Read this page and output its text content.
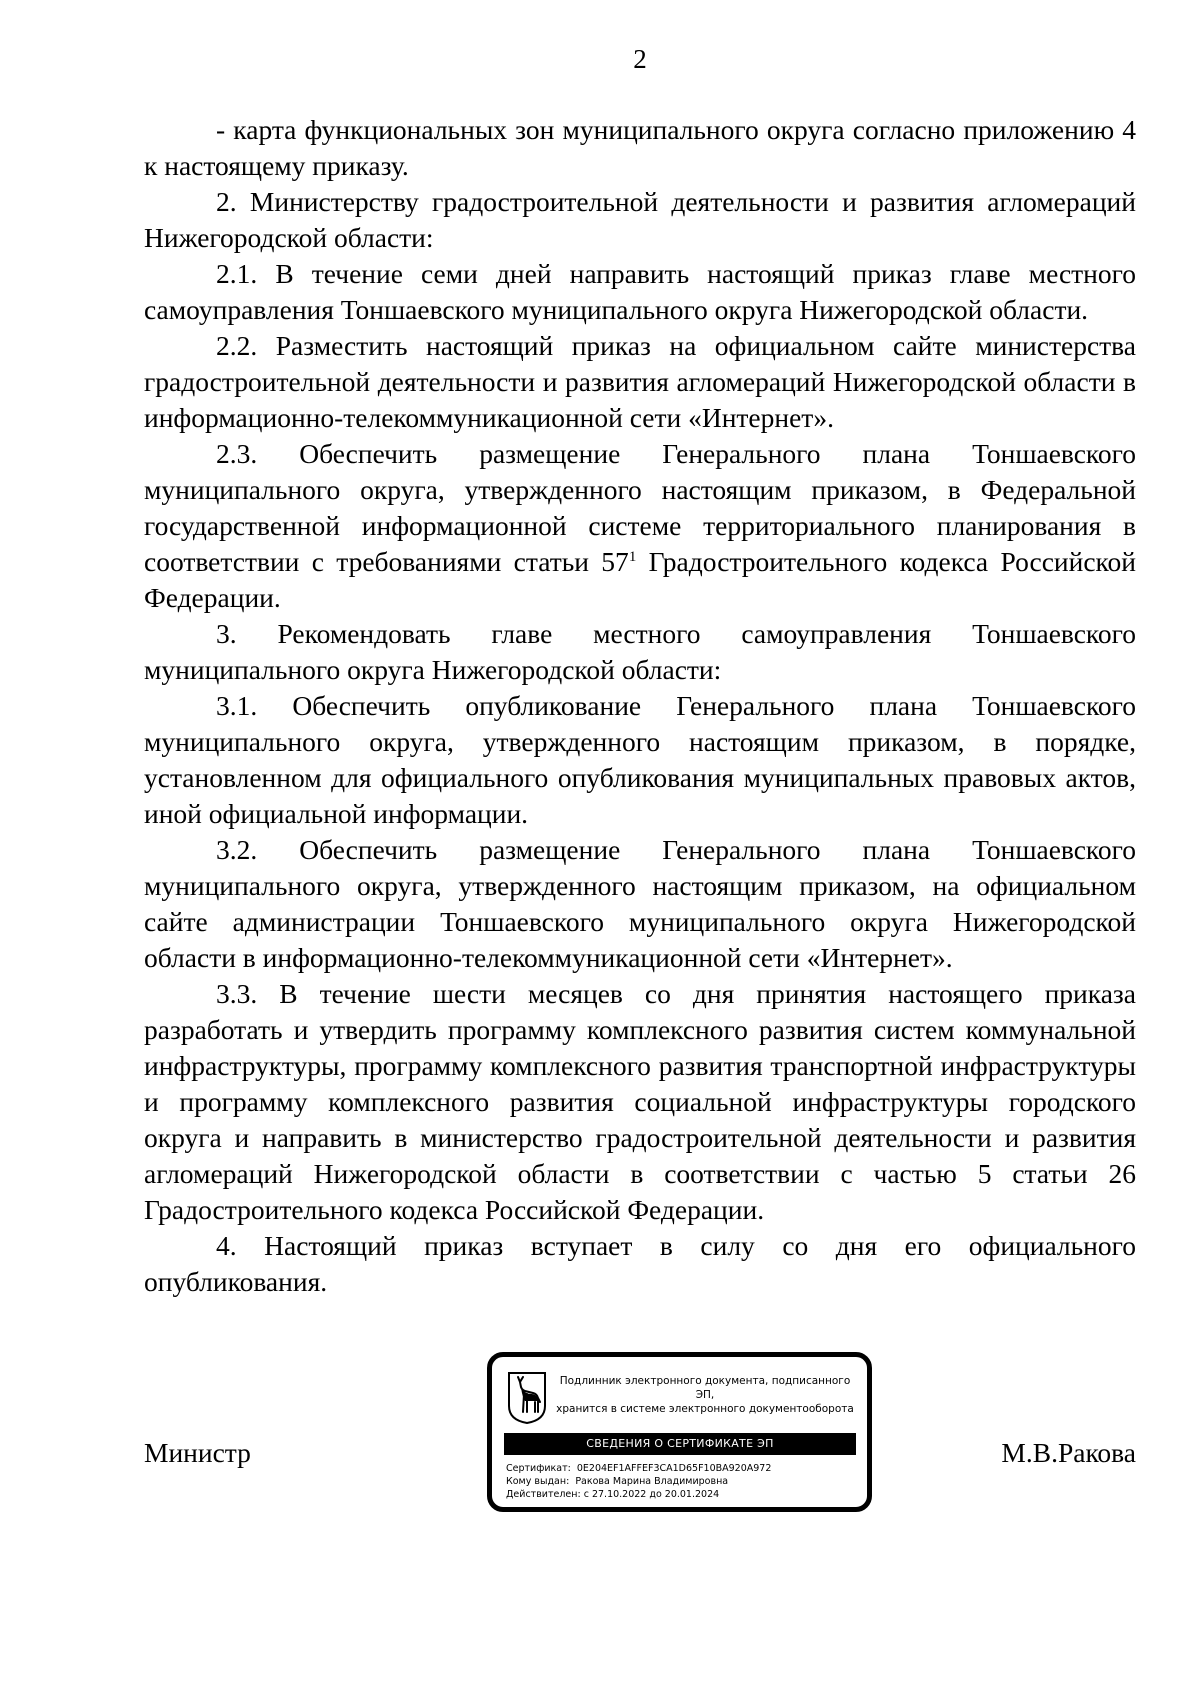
2

- карта функциональных зон муниципального округа согласно приложению 4 к настоящему приказу.

2. Министерству градостроительной деятельности и развития агломераций Нижегородской области:

2.1. В течение семи дней направить настоящий приказ главе местного самоуправления Тоншаевского муниципального округа Нижегородской области.

2.2. Разместить настоящий приказ на официальном сайте министерства градостроительной деятельности и развития агломераций Нижегородской области в информационно-телекоммуникационной сети «Интернет».

2.3. Обеспечить размещение Генерального плана Тоншаевского муниципального округа, утвержденного настоящим приказом, в Федеральной государственной информационной системе территориального планирования в соответствии с требованиями статьи $57^1$ Градостроительного кодекса Российской Федерации.

3. Рекомендовать главе местного самоуправления Тоншаевского муниципального округа Нижегородской области:

3.1. Обеспечить опубликование Генерального плана Тоншаевского муниципального округа, утвержденного настоящим приказом, в порядке, установленном для официального опубликования муниципальных правовых актов, иной официальной информации.

3.2. Обеспечить размещение Генерального плана Тоншаевского муниципального округа, утвержденного настоящим приказом, на официальном сайте администрации Тоншаевского муниципального округа Нижегородской области в информационно-телекоммуникационной сети «Интернет».

3.3. В течение шести месяцев со дня принятия настоящего приказа разработать и утвердить программу комплексного развития систем коммунальной инфраструктуры, программу комплексного развития транспортной инфраструктуры и программу комплексного развития социальной инфраструктуры городского округа и направить в министерство градостроительной деятельности и развития агломераций Нижегородской области в соответствии с частью 5 статьи 26 Градостроительного кодекса Российской Федерации.

4. Настоящий приказ вступает в силу со дня его официального опубликования.

Министр	М.В.Ракова
Подлинник электронного документа, подписанного ЭП,
хранится в системе электронного документооборота
СВЕДЕНИЯ О СЕРТИФИКАТЕ ЭП
Сертификат: 0E204EF1AFFEF3CA1D65F10BA920A972
Кому выдан: Ракова Марина Владимировна
Действителен: с 27.10.2022 до 20.01.2024
